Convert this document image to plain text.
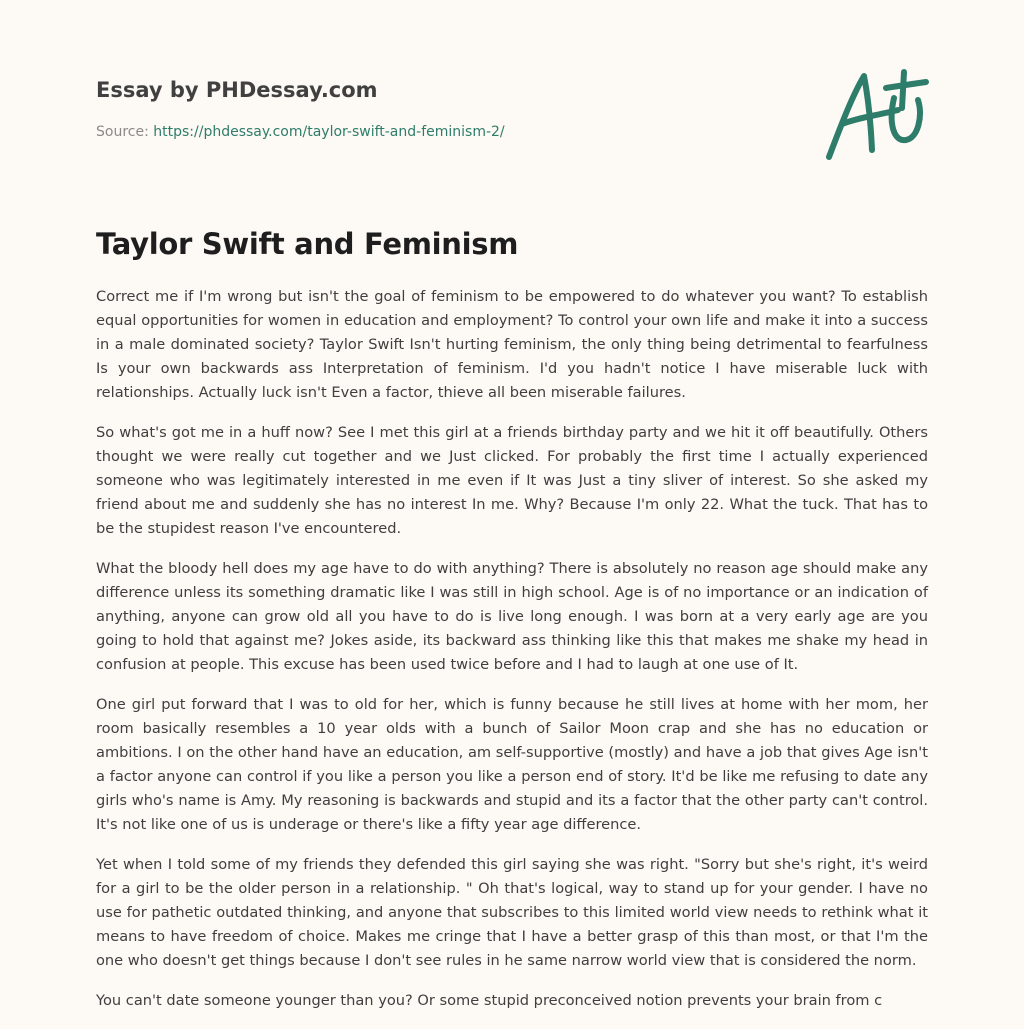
Essay by PHDessay.com
Source: https://phdessay.com/taylor-swift-and-feminism-2/
Taylor Swift and Feminism

Correct me if I'm wrong but isn't the goal of feminism to be empowered to do whatever you want? To establish equal opportunities for women in education and employment? To control your own life and make it into a success in a male dominated society? Taylor Swift Isn't hurting feminism, the only thing being detrimental to fearfulness Is your own backwards ass Interpretation of feminism. I'd you hadn't notice I have miserable luck with relationships. Actually luck isn't Even a factor, thieve all been miserable failures.

So what's got me in a huff now? See I met this girl at a friends birthday party and we hit it off beautifully. Others thought we were really cut together and we Just clicked. For probably the first time I actually experienced someone who was legitimately interested in me even if It was Just a tiny sliver of interest. So she asked my friend about me and suddenly she has no interest In me. Why? Because I'm only 22. What the tuck. That has to be the stupidest reason I've encountered.

What the bloody hell does my age have to do with anything? There is absolutely no reason age should make any difference unless its something dramatic like I was still in high school. Age is of no importance or an indication of anything, anyone can grow old all you have to do is live long enough. I was born at a very early age are you going to hold that against me? Jokes aside, its backward ass thinking like this that makes me shake my head in confusion at people. This excuse has been used twice before and I had to laugh at one use of It.

One girl put forward that I was to old for her, which is funny because he still lives at home with her mom, her room basically resembles a 10 year olds with a bunch of Sailor Moon crap and she has no education or ambitions. I on the other hand have an education, am self-supportive (mostly) and have a job that gives Age isn't a factor anyone can control if you like a person you like a person end of story. It'd be like me refusing to date any girls who's name is Amy. My reasoning is backwards and stupid and its a factor that the other party can't control. It's not like one of us is underage or there's like a fifty year age difference.

Yet when I told some of my friends they defended this girl saying she was right. "Sorry but she's right, it's weird for a girl to be the older person in a relationship. " Oh that's logical, way to stand up for your gender. I have no use for pathetic outdated thinking, and anyone that subscribes to this limited world view needs to rethink what it means to have freedom of choice. Makes me cringe that I have a better grasp of this than most, or that I'm the one who doesn't get things because I don't see rules in he same narrow world view that is considered the norm.

You can't date someone younger than you? Or some stupid preconceived notion prevents your brain from c
